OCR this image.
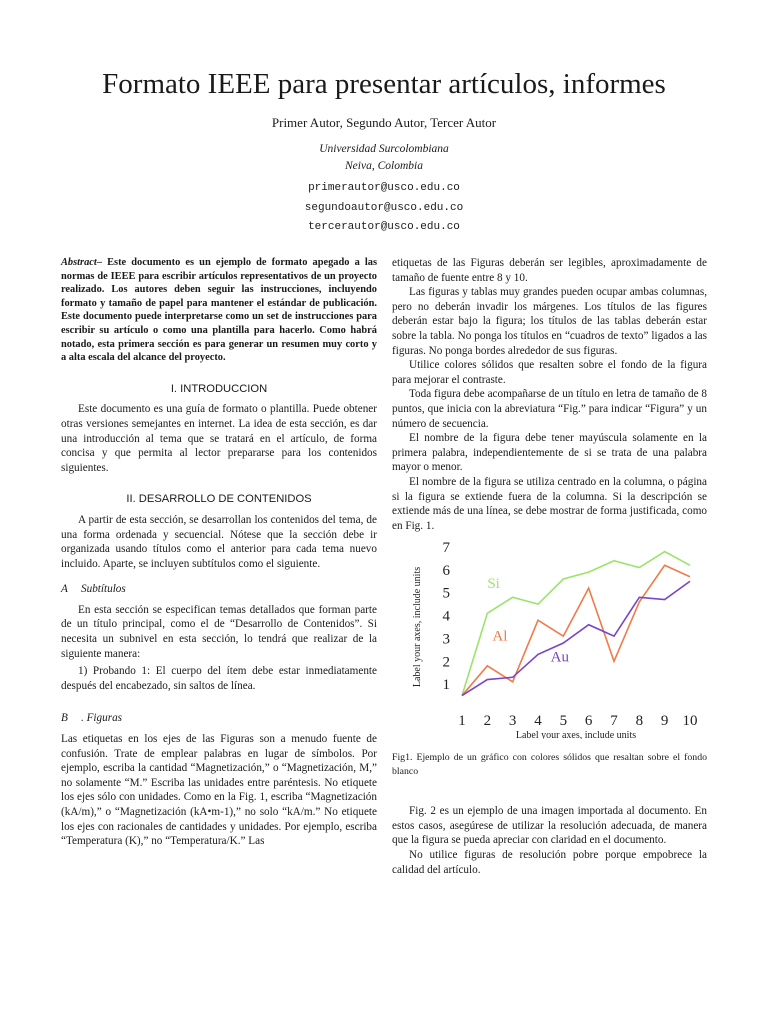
Formato IEEE para presentar artículos, informes
Primer Autor, Segundo Autor, Tercer Autor
Universidad Surcolombiana
Neiva, Colombia
primerautor@usco.edu.co
segundoautor@usco.edu.co
tercerautor@usco.edu.co

Abstract– Este documento es un ejemplo de formato apegado a las normas de IEEE para escribir artículos representativos de un proyecto realizado. Los autores deben seguir las instrucciones, incluyendo formato y tamaño de papel para mantener el estándar de publicación. Este documento puede interpretarse como un set de instrucciones para escribir su artículo o como una plantilla para hacerlo. Como habrá notado, esta primera sección es para generar un resumen muy corto y a alta escala del alcance del proyecto.

I. INTRODUCCION

Este documento es una guía de formato o plantilla. Puede obtener otras versiones semejantes en internet. La idea de esta sección, es dar una introducción al tema que se tratará en el artículo, de forma concisa y que permita al lector prepararse para los contenidos siguientes.

II. DESARROLLO DE CONTENIDOS

A partir de esta sección, se desarrollan los contenidos del tema, de una forma ordenada y secuencial. Nótese que la sección debe ir organizada usando títulos como el anterior para cada tema nuevo incluido. Aparte, se incluyen subtítulos como el siguiente.

A Subtítulos

En esta sección se especifican temas detallados que forman parte de un título principal, como el de “Desarrollo de Contenidos”. Si necesita un subnivel en esta sección, lo tendrá que realizar de la siguiente manera:

1) Probando 1: El cuerpo del ítem debe estar inmediatamente después del encabezado, sin saltos de línea.

B . Figuras

Las etiquetas en los ejes de las Figuras son a menudo fuente de confusión. Trate de emplear palabras en lugar de símbolos. Por ejemplo, escriba la cantidad “Magnetización,” o “Magnetización, M,” no solamente “M.” Escriba las unidades entre paréntesis. No etiquete los ejes sólo con unidades. Como en la Fig. 1, escriba “Magnetización (kA/m),” o “Magnetización (kA•m-1),” no solo “kA/m.” No etiquete los ejes con racionales de cantidades y unidades. Por ejemplo, escriba “Temperatura (K),” no “Temperatura/K.” Las

etiquetas de las Figuras deberán ser legibles, aproximadamente de tamaño de fuente entre 8 y 10.

Las figuras y tablas muy grandes pueden ocupar ambas columnas, pero no deberán invadir los márgenes. Los títulos de las figures deberán estar bajo la figura; los títulos de las tablas deberán estar sobre la tabla. No ponga los títulos en “cuadros de texto” ligados a las figuras. No ponga bordes alrededor de sus figuras.

Utilice colores sólidos que resalten sobre el fondo de la figura para mejorar el contraste.

Toda figura debe acompañarse de un título en letra de tamaño de 8 puntos, que inicia con la abreviatura “Fig.” para indicar “Figura” y un número de secuencia.

El nombre de la figura debe tener mayúscula solamente en la primera palabra, independientemente de si se trata de una palabra mayor o menor.

El nombre de la figura se utiliza centrado en la columna, o página si la figura se extiende fuera de la columna. Si la descripción se extiende más de una línea, se debe mostrar de forma justificada, como en Fig. 1.

1
2
3
4
5
6
7
1 2 3 4 5 6 7 8 9 10
Label your axes, include units
Label your axes, include units	Si
Al
Au

Fig1. Ejemplo de un gráfico con colores sólidos que resaltan sobre el fondo blanco

Fig. 2 es un ejemplo de una imagen importada al documento. En estos casos, asegúrese de utilizar la resolución adecuada, de manera que la figura se pueda apreciar con claridad en el documento.

No utilice figuras de resolución pobre porque empobrece la calidad del artículo.
